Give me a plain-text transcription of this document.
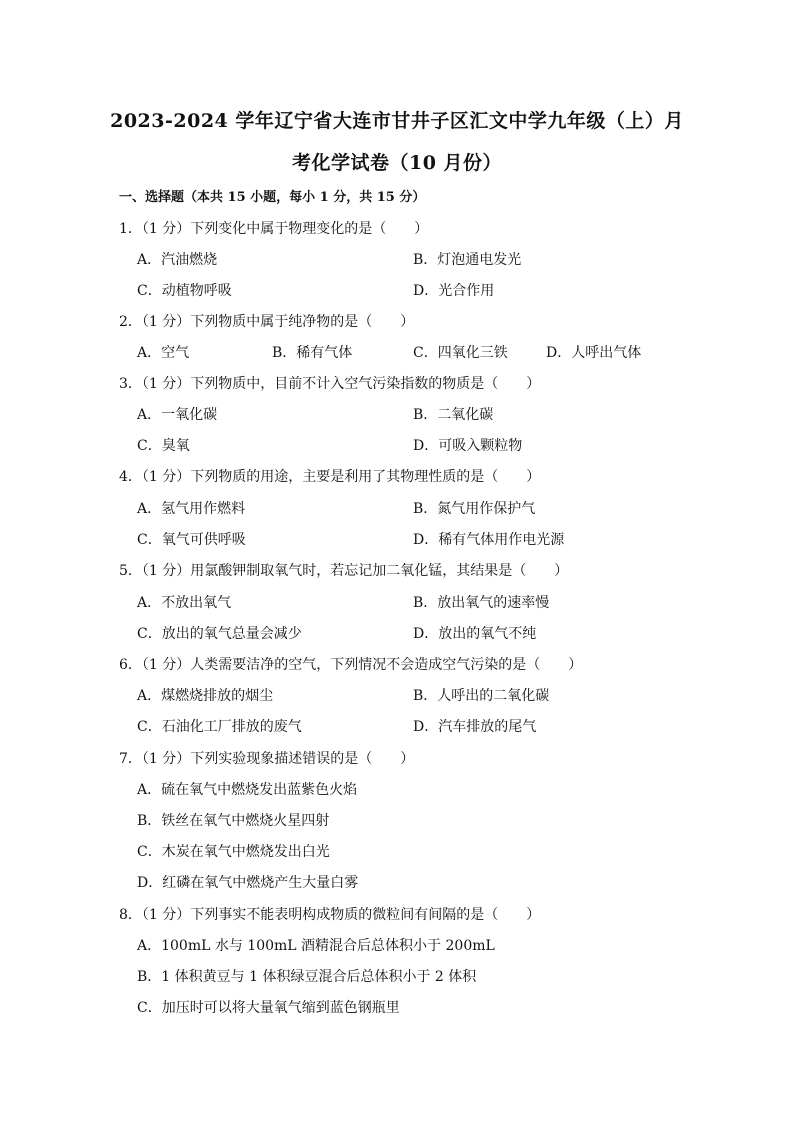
2023-2024 学年辽宁省大连市甘井子区汇文中学九年级（上）月
考化学试卷（10 月份）
一、选择题（本共 15 小题，每小 1 分，共 15 分）
1．（1 分）下列变化中属于物理变化的是（　　）
A．汽油燃烧	B．灯泡通电发光
C．动植物呼吸	D．光合作用
2．（1 分）下列物质中属于纯净物的是（　　）
A．空气	B．稀有气体	C．四氧化三铁	D．人呼出气体
3．（1 分）下列物质中，目前不计入空气污染指数的物质是（　　）
A．一氧化碳	B．二氧化碳
C．臭氧	D．可吸入颗粒物
4．（1 分）下列物质的用途，主要是利用了其物理性质的是（　　）
A．氢气用作燃料	B．氮气用作保护气
C．氧气可供呼吸	D．稀有气体用作电光源
5．（1 分）用氯酸钾制取氧气时，若忘记加二氧化锰，其结果是（　　）
A．不放出氧气	B．放出氧气的速率慢
C．放出的氧气总量会减少	D．放出的氧气不纯
6．（1 分）人类需要洁净的空气，下列情况不会造成空气污染的是（　　）
A．煤燃烧排放的烟尘	B．人呼出的二氧化碳
C．石油化工厂排放的废气	D．汽车排放的尾气
7．（1 分）下列实验现象描述错误的是（　　）
A．硫在氧气中燃烧发出蓝紫色火焰
B．铁丝在氧气中燃烧火星四射
C．木炭在氧气中燃烧发出白光
D．红磷在氧气中燃烧产生大量白雾
8．（1 分）下列事实不能表明构成物质的微粒间有间隔的是（　　）
A．100mL 水与 100mL 酒精混合后总体积小于 200mL
B．1 体积黄豆与 1 体积绿豆混合后总体积小于 2 体积
C．加压时可以将大量氧气缩到蓝色钢瓶里
